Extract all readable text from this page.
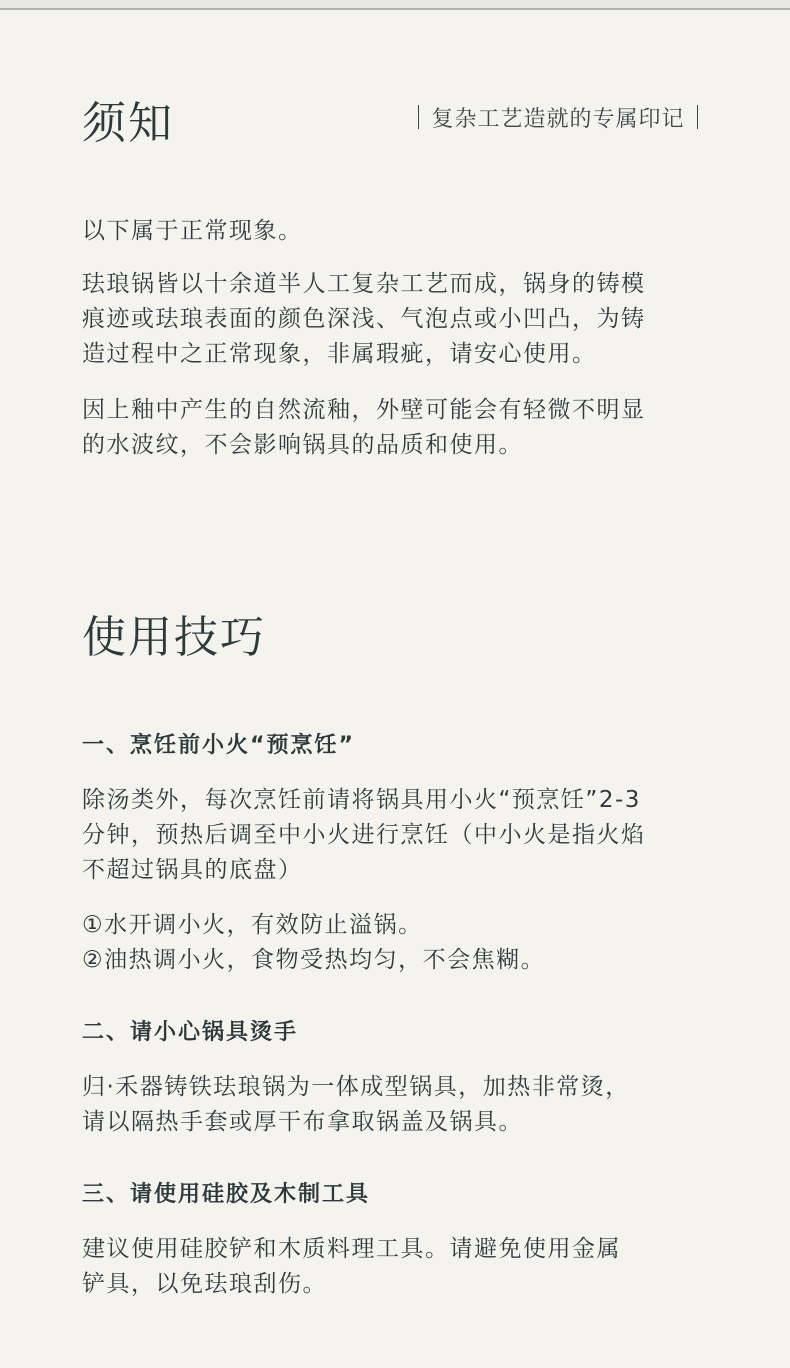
须知	复杂工艺造就的专属印记

以下属于正常现象。

珐琅锅皆以十余道半人工复杂工艺而成，锅身的铸模
痕迹或珐琅表面的颜色深浅、气泡点或小凹凸，为铸
造过程中之正常现象，非属瑕疵，请安心使用。

因上釉中产生的自然流釉，外壁可能会有轻微不明显
的水波纹，不会影响锅具的品质和使用。

使用技巧
一、烹饪前小火“预烹饪”

除汤类外，每次烹饪前请将锅具用小火“预烹饪”2-3
分钟，预热后调至中小火进行烹饪（中小火是指火焰
不超过锅具的底盘）

①水开调小火，有效防止溢锅。
②油热调小火，食物受热均匀，不会焦糊。

二、请小心锅具烫手

归·禾器铸铁珐琅锅为一体成型锅具，加热非常烫，
请以隔热手套或厚干布拿取锅盖及锅具。

三、请使用硅胶及木制工具

建议使用硅胶铲和木质料理工具。请避免使用金属
铲具，以免珐琅刮伤。
